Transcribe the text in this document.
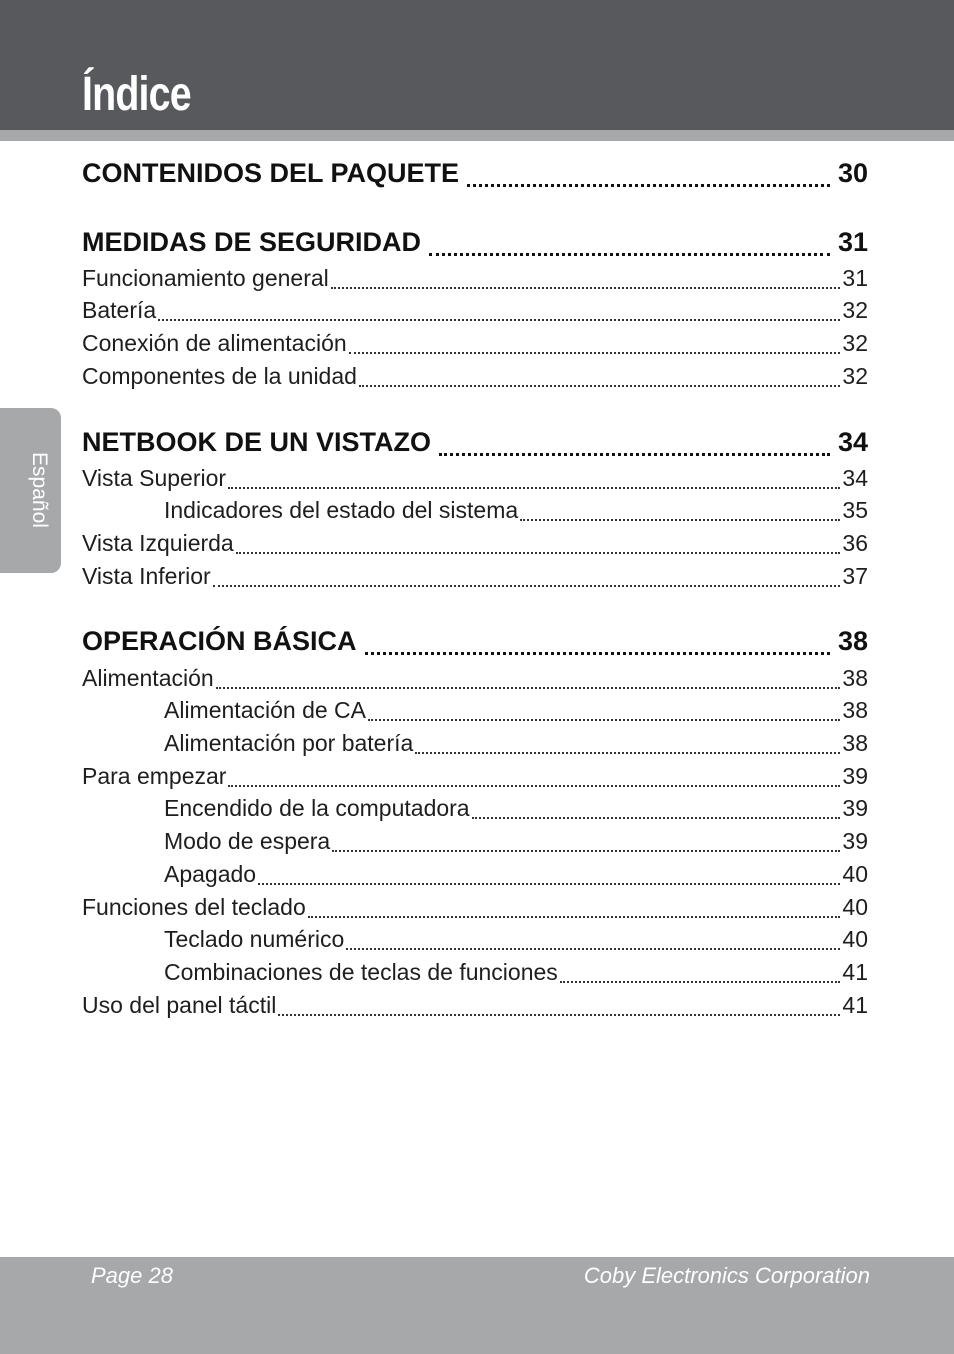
Índice
Español
CONTENIDOS DEL PAQUETE	30
MEDIDAS DE SEGURIDAD	31
Funcionamiento general	31
Batería	32
Conexión de alimentación	32
Componentes de la unidad	32
NETBOOK DE UN VISTAZO	34
Vista Superior	34
Indicadores del estado del sistema	35
Vista Izquierda	36
Vista Inferior	37
OPERACIÓN BÁSICA	38
Alimentación	38
Alimentación de CA	38
Alimentación por batería	38
Para empezar	39
Encendido de la computadora	39
Modo de espera	39
Apagado	40
Funciones del teclado	40
Teclado numérico	40
Combinaciones de teclas de funciones	41
Uso del panel táctil	41
Page 28	Coby Electronics Corporation
